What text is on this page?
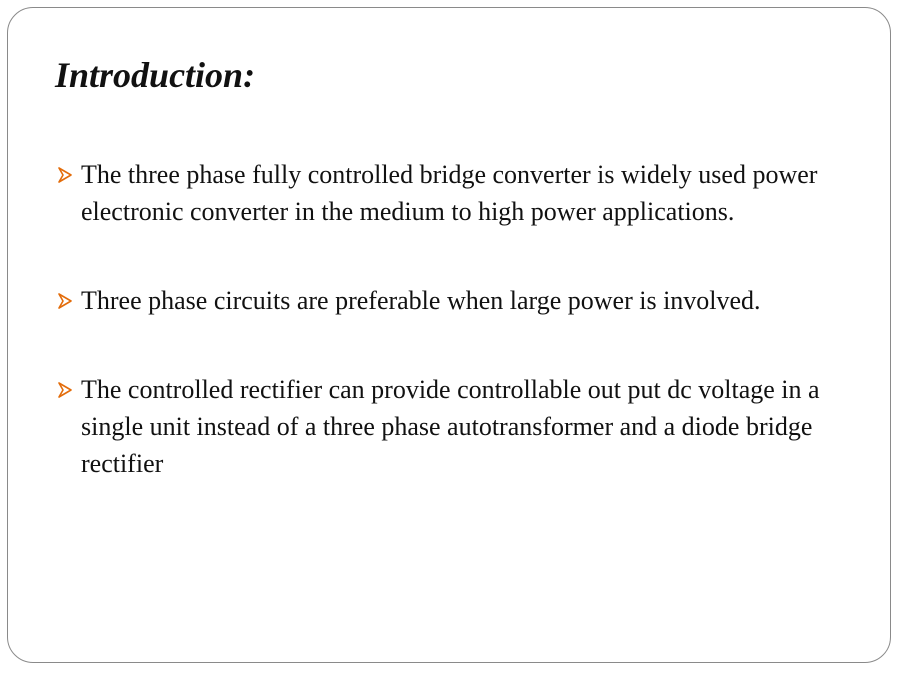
Introduction:
The three phase fully controlled bridge converter is widely used power electronic converter in the medium to high power applications.
Three phase circuits are preferable when large power is involved.
The controlled rectifier can provide controllable out put dc voltage in a single unit instead of a three phase autotransformer and a diode bridge rectifier
